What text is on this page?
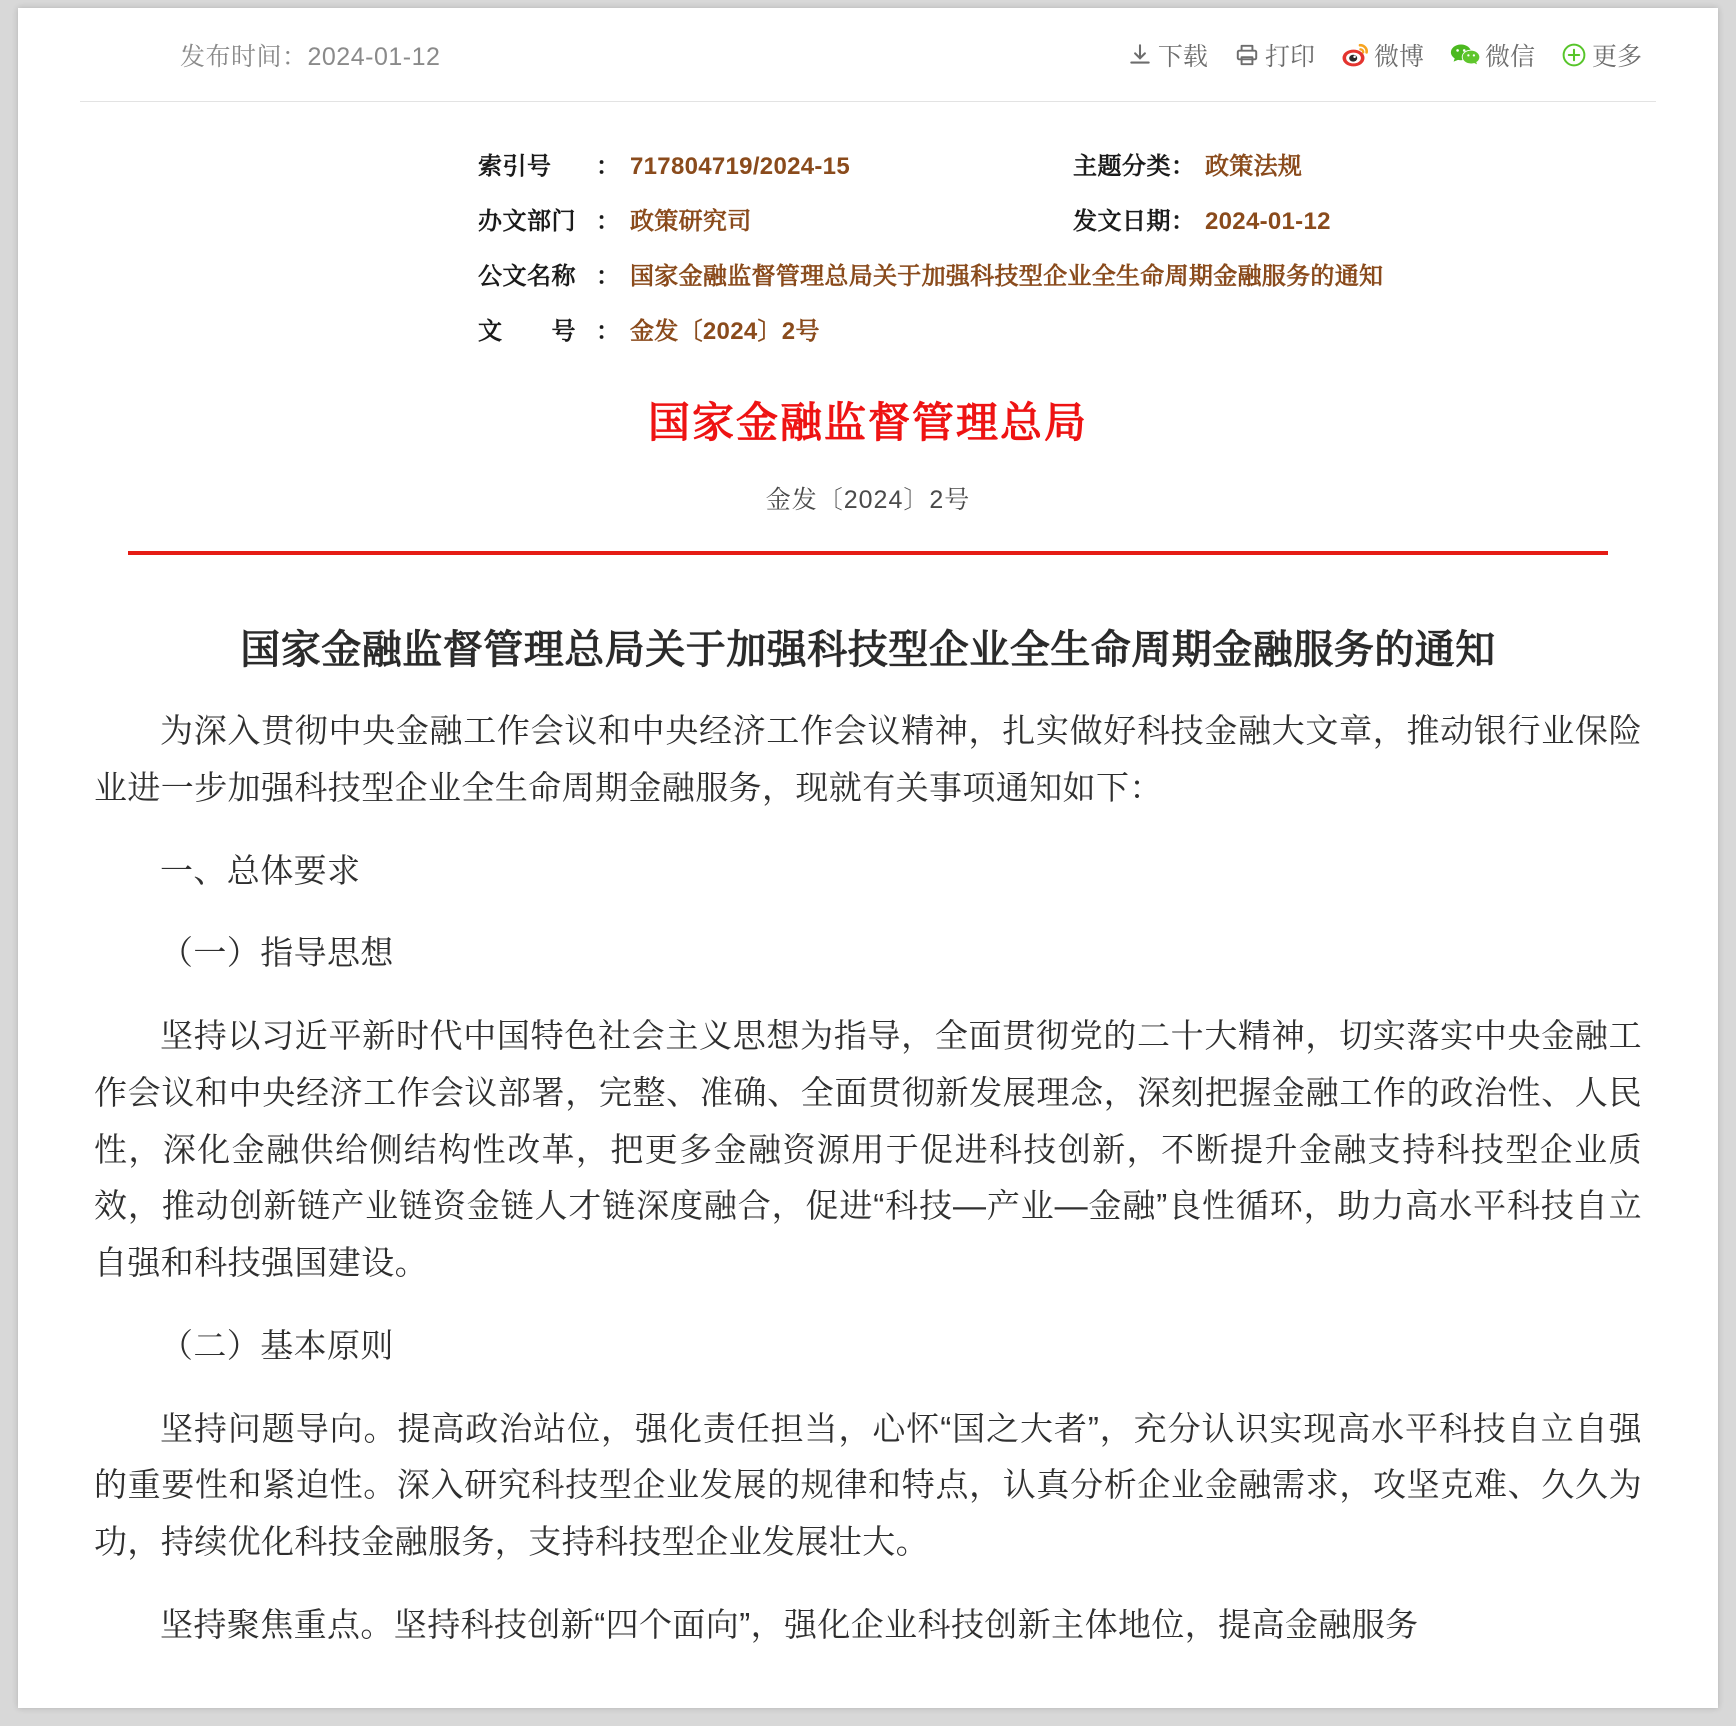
发布时间：2024-01-12	下载 打印 微博 微信 更多
索引号	： 717804719/2024-15	主题分类 ： 政策法规
办文部门 ： 政策研究司	发文日期 ： 2024-01-12
公文名称 ： 国家金融监督管理总局关于加强科技型企业全生命周期金融服务的通知
文　　号 ： 金发〔2024〕2号
国家金融监督管理总局
金发〔2024〕2号
国家金融监督管理总局关于加强科技型企业全生命周期金融服务的通知

为深入贯彻中央金融工作会议和中央经济工作会议精神，扎实做好科技金融大文章，推动银行业保险业进一步加强科技型企业全生命周期金融服务，现就有关事项通知如下：

一、总体要求

（一）指导思想

坚持以习近平新时代中国特色社会主义思想为指导，全面贯彻党的二十大精神，切实落实中央金融工作会议和中央经济工作会议部署，完整、准确、全面贯彻新发展理念，深刻把握金融工作的政治性、人民性，深化金融供给侧结构性改革，把更多金融资源用于促进科技创新，不断提升金融支持科技型企业质效，推动创新链产业链资金链人才链深度融合，促进“科技—产业—金融”良性循环，助力高水平科技自立自强和科技强国建设。

（二）基本原则

坚持问题导向。提高政治站位，强化责任担当，心怀“国之大者”，充分认识实现高水平科技自立自强的重要性和紧迫性。深入研究科技型企业发展的规律和特点，认真分析企业金融需求，攻坚克难、久久为功，持续优化科技金融服务，支持科技型企业发展壮大。

坚持聚焦重点。坚持科技创新“四个面向”，强化企业科技创新主体地位，提高金融服务
